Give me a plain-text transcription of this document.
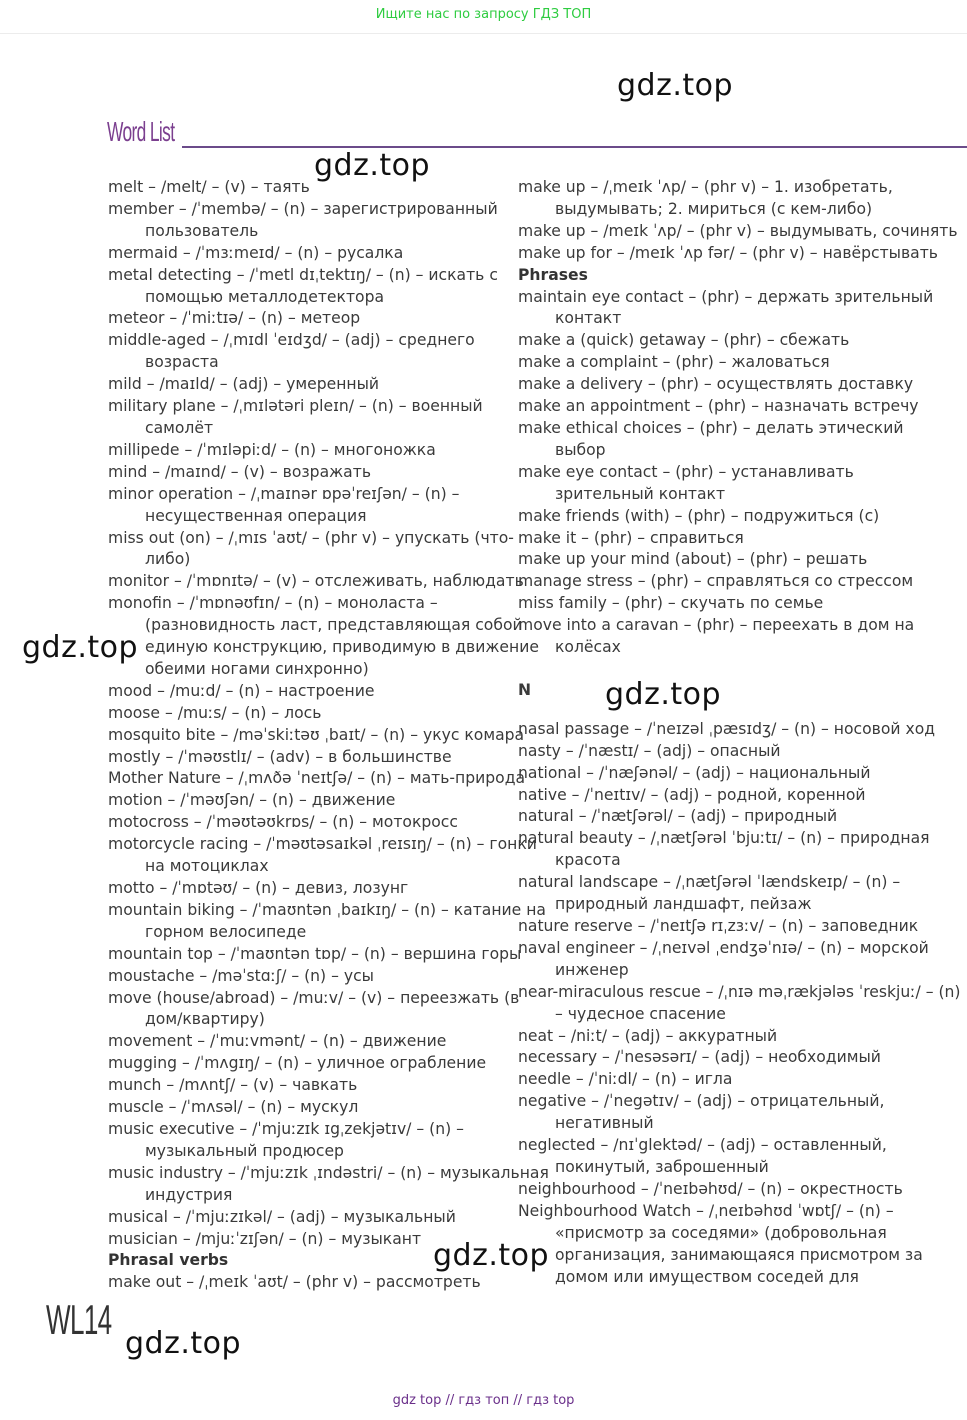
Ищите нас по запросу ГДЗ ТОП
Word List
melt – /melt/ – (v) – таять
member – /ˈmembə/ – (n) – зарегистрированный
пользователь
mermaid – /ˈmɜːmeɪd/ – (n) – русалка
metal detecting – /ˈmetl dɪˌtektɪŋ/ – (n) – искать с
помощью металлодетектора
meteor – /ˈmiːtɪə/ – (n) – метеор
middle-aged – /ˌmɪdl ˈeɪdʒd/ – (adj) – среднего
возраста
mild – /maɪld/ – (adj) – умеренный
military plane – /ˌmɪlətəri pleɪn/ – (n) – военный
самолёт
millipede – /ˈmɪləpiːd/ – (n) – многоножка
mind – /maɪnd/ – (v) – возражать
minor operation – /ˌmaɪnər ɒpəˈreɪʃən/ – (n) –
несущественная операция
miss out (on) – /ˌmɪs ˈaʊt/ – (phr v) – упускать (что-
либо)
monitor – /ˈmɒnɪtə/ – (v) – отслеживать, наблюдать
monofin – /ˈmɒnəʊfɪn/ – (n) – моноласта –
(разновидность ласт, представляющая собой
единую конструкцию, приводимую в движение
обеими ногами синхронно)
mood – /muːd/ – (n) – настроение
moose – /muːs/ – (n) – лось
mosquito bite – /məˈskiːtəʊ ˌbaɪt/ – (n) – укус комара
mostly – /ˈməʊstlɪ/ – (adv) – в большинстве
Mother Nature – /ˌmʌðə ˈneɪtʃə/ – (n) – мать-природа
motion – /ˈməʊʃən/ – (n) – движение
motocross – /ˈməʊtəʊkrɒs/ – (n) – мотокросс
motorcycle racing – /ˈməʊtəsaɪkəl ˌreɪsɪŋ/ – (n) – гонки
на мотоциклах
motto – /ˈmɒtəʊ/ – (n) – девиз, лозунг
mountain biking – /ˈmaʊntən ˌbaɪkɪŋ/ – (n) – катание на
горном велосипеде
mountain top – /ˈmaʊntən tɒp/ – (n) – вершина горы
moustache – /məˈstɑːʃ/ – (n) – усы
move (house/abroad) – /muːv/ – (v) – переезжать (в
дом/квартиру)
movement – /ˈmuːvmənt/ – (n) – движение
mugging – /ˈmʌgɪŋ/ – (n) – уличное ограбление
munch – /mʌntʃ/ – (v) – чавкать
muscle – /ˈmʌsəl/ – (n) – мускул
music executive – /ˈmjuːzɪk ɪgˌzekjətɪv/ – (n) –
музыкальный продюсер
music industry – /ˈmjuːzɪk ˌɪndəstri/ – (n) – музыкальная
индустрия
musical – /ˈmjuːzɪkəl/ – (adj) – музыкальный
musician – /mjuːˈzɪʃən/ – (n) – музыкант
Phrasal verbs
make out – /ˌmeɪk ˈaʊt/ – (phr v) – рассмотреть
make up – /ˌmeɪk ˈʌp/ – (phr v) – 1. изобретать,
выдумывать; 2. мириться (с кем-либо)
make up – /meɪk ˈʌp/ – (phr v) – выдумывать, сочинять
make up for – /meɪk ˈʌp fər/ – (phr v) – навёрстывать
Phrases
maintain eye contact – (phr) – держать зрительный
контакт
make a (quick) getaway – (phr) – сбежать
make a complaint – (phr) – жаловаться
make a delivery – (phr) – осуществлять доставку
make an appointment – (phr) – назначать встречу
make ethical choices – (phr) – делать этический
выбор
make eye contact – (phr) – устанавливать
зрительный контакт
make friends (with) – (phr) – подружиться (с)
make it – (phr) – справиться
make up your mind (about) – (phr) – решать
manage stress – (phr) – справляться со стрессом
miss family – (phr) – скучать по семье
move into a caravan – (phr) – переехать в дом на
колёсах
N
nasal passage – /ˈneɪzəl ˌpæsɪdʒ/ – (n) – носовой ход
nasty – /ˈnæstɪ/ – (adj) – опасный
national – /ˈnæʃənəl/ – (adj) – национальный
native – /ˈneɪtɪv/ – (adj) – родной, коренной
natural – /ˈnætʃərəl/ – (adj) – природный
natural beauty – /ˌnætʃərəl ˈbjuːtɪ/ – (n) – природная
красота
natural landscape – /ˌnætʃərəl ˈlændskeɪp/ – (n) –
природный ландшафт, пейзаж
nature reserve – /ˈneɪtʃə rɪˌzɜːv/ – (n) – заповедник
naval engineer – /ˌneɪvəl ˌendʒəˈnɪə/ – (n) – морской
инженер
near-miraculous rescue – /ˌnɪə məˌrækjələs ˈreskjuː/ – (n)
– чудесное спасение
neat – /niːt/ – (adj) – аккуратный
necessary – /ˈnesəsərɪ/ – (adj) – необходимый
needle – /ˈniːdl/ – (n) – игла
negative – /ˈnegətɪv/ – (adj) – отрицательный,
негативный
neglected – /nɪˈglektəd/ – (adj) – оставленный,
покинутый, заброшенный
neighbourhood – /ˈneɪbəhʊd/ – (n) – окрестность
Neighbourhood Watch – /ˌneɪbəhʊd ˈwɒtʃ/ – (n) –
«присмотр за соседями» (добровольная
организация, занимающаяся присмотром за
домом или имуществом соседей для
gdz.top
gdz.top
gdz.top
gdz.top
gdz.top
gdz.top
WL14
gdz top // гдз топ // гдз top
